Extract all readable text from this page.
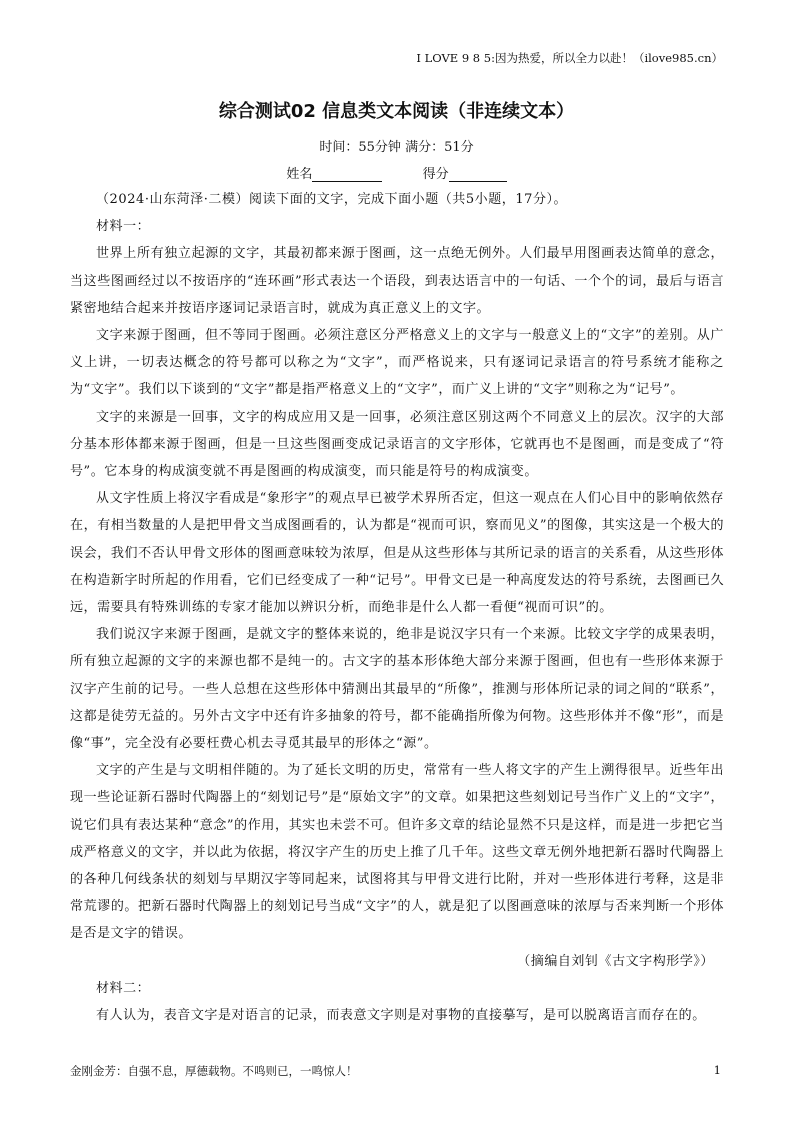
I LOVE 9 8 5:因为热爱，所以全力以赴！（ilove985.cn）
综合测试02 信息类文本阅读（非连续文本）
时间：55分钟 满分：51分
姓名	得分

（2024·山东菏泽·二模）阅读下面的文字，完成下面小题（共5小题，17分）。

材料一：

世界上所有独立起源的文字，其最初都来源于图画，这一点绝无例外。人们最早用图画表达简单的意念，当这些图画经过以不按语序的“连环画”形式表达一个语段，到表达语言中的一句话、一个个的词，最后与语言紧密地结合起来并按语序逐词记录语言时，就成为真正意义上的文字。

文字来源于图画，但不等同于图画。必须注意区分严格意义上的文字与一般意义上的“文字”的差别。从广义上讲，一切表达概念的符号都可以称之为“文字”，而严格说来，只有逐词记录语言的符号系统才能称之为“文字”。我们以下谈到的“文字”都是指严格意义上的“文字”，而广义上讲的“文字”则称之为“记号”。

文字的来源是一回事，文字的构成应用又是一回事，必须注意区别这两个不同意义上的层次。汉字的大部分基本形体都来源于图画，但是一旦这些图画变成记录语言的文字形体，它就再也不是图画，而是变成了“符号”。它本身的构成演变就不再是图画的构成演变，而只能是符号的构成演变。

从文字性质上将汉字看成是“象形字”的观点早已被学术界所否定，但这一观点在人们心目中的影响依然存在，有相当数量的人是把甲骨文当成图画看的，认为都是“视而可识，察而见义”的图像，其实这是一个极大的误会，我们不否认甲骨文形体的图画意味较为浓厚，但是从这些形体与其所记录的语言的关系看，从这些形体在构造新字时所起的作用看，它们已经变成了一种“记号”。甲骨文已是一种高度发达的符号系统，去图画已久远，需要具有特殊训练的专家才能加以辨识分析，而绝非是什么人都一看便“视而可识”的。

我们说汉字来源于图画，是就文字的整体来说的，绝非是说汉字只有一个来源。比较文字学的成果表明，所有独立起源的文字的来源也都不是纯一的。古文字的基本形体绝大部分来源于图画，但也有一些形体来源于汉字产生前的记号。一些人总想在这些形体中猜测出其最早的“所像”，推测与形体所记录的词之间的“联系”，这都是徒劳无益的。另外古文字中还有许多抽象的符号，都不能确指所像为何物。这些形体并不像“形”，而是像“事”，完全没有必要枉费心机去寻觅其最早的形体之“源”。

文字的产生是与文明相伴随的。为了延长文明的历史，常常有一些人将文字的产生上溯得很早。近些年出现一些论证新石器时代陶器上的“刻划记号”是“原始文字”的文章。如果把这些刻划记号当作广义上的“文字”，说它们具有表达某种“意念”的作用，其实也未尝不可。但许多文章的结论显然不只是这样，而是进一步把它当成严格意义的文字，并以此为依据，将汉字产生的历史上推了几千年。这些文章无例外地把新石器时代陶器上的各种几何线条状的刻划与早期汉字等同起来，试图将其与甲骨文进行比附，并对一些形体进行考释，这是非常荒谬的。把新石器时代陶器上的刻划记号当成“文字”的人，就是犯了以图画意味的浓厚与否来判断一个形体是否是文字的错误。

（摘编自刘钊《古文字构形学》）

材料二：

有人认为，表音文字是对语言的记录，而表意文字则是对事物的直接摹写，是可以脱离语言而存在的。

金刚金芳：自强不息，厚德载物。不鸣则已，一鸣惊人！	1
